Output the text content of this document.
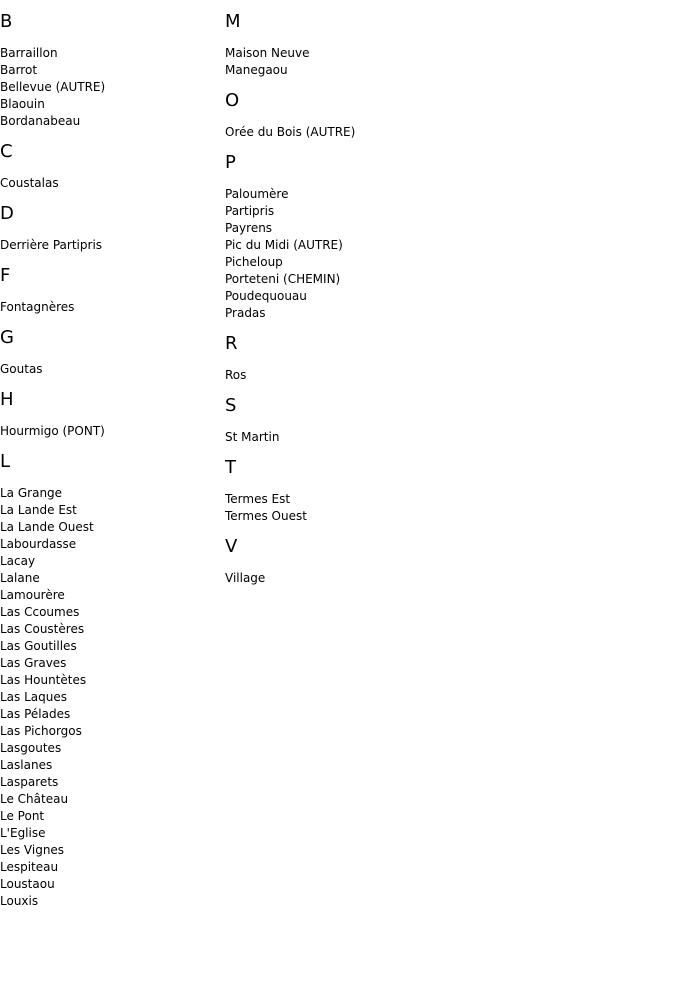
B
Barraillon
Barrot
Bellevue (AUTRE)
Blaouin
Bordanabeau
C
Coustalas
D
Derrière Partipris
F
Fontagnères
G
Goutas
H
Hourmigo (PONT)
L
La Grange
La Lande Est
La Lande Ouest
Labourdasse
Lacay
Lalane
Lamourère
Las Ccoumes
Las Coustères
Las Goutilles
Las Graves
Las Hountètes
Las Laques
Las Pélades
Las Pichorgos
Lasgoutes
Laslanes
Lasparets
Le Château
Le Pont
L'Eglise
Les Vignes
Lespiteau
Loustaou
Louxis
M
Maison Neuve
Manegaou
O
Orée du Bois (AUTRE)
P
Paloumère
Partipris
Payrens
Pic du Midi (AUTRE)
Picheloup
Porteteni (CHEMIN)
Poudequouau
Pradas
R
Ros
S
St Martin
T
Termes Est
Termes Ouest
V
Village
